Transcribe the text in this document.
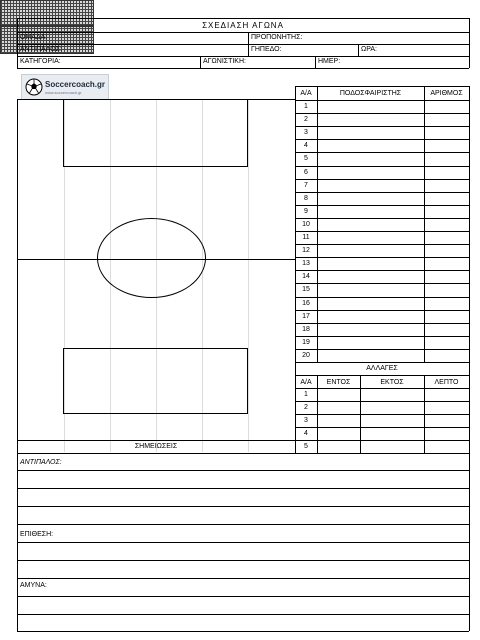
ΣΧΕΔΙΑΣΗ ΑΓΩΝΑ
ΟΜΑΔΑ:	ΠΡΟΠΟΝΗΤΗΣ:
ΑΝΤΙΠΑΛΟΣ:	ΓΗΠΕΔΟ:	ΩΡΑ:
ΚΑΤΗΓΟΡΙΑ:	ΑΓΩΝΙΣΤΙΚΗ:	ΗΜΕΡ:
Soccercoach.gr
www.soccercoach.gr
ΣΗΜΕΙΩΣΕΙΣ
Α/Α	ΠΟΔΟΣΦΑΙΡΙΣΤΗΣ	ΑΡΙΘΜΟΣ
1
2
3
4
5
6
7
8
9
10
11
12
13
14
15
16
17
18
19
20
ΑΛΛΑΓΕΣ
Α/Α	ΕΝΤΟΣ	ΕΚΤΟΣ	ΛΕΠΤΟ
1
2
3
4
5
ΑΝΤΙΠΑΛΟΣ:
ΕΠΙΘΕΣΗ:
ΑΜΥΝΑ:
